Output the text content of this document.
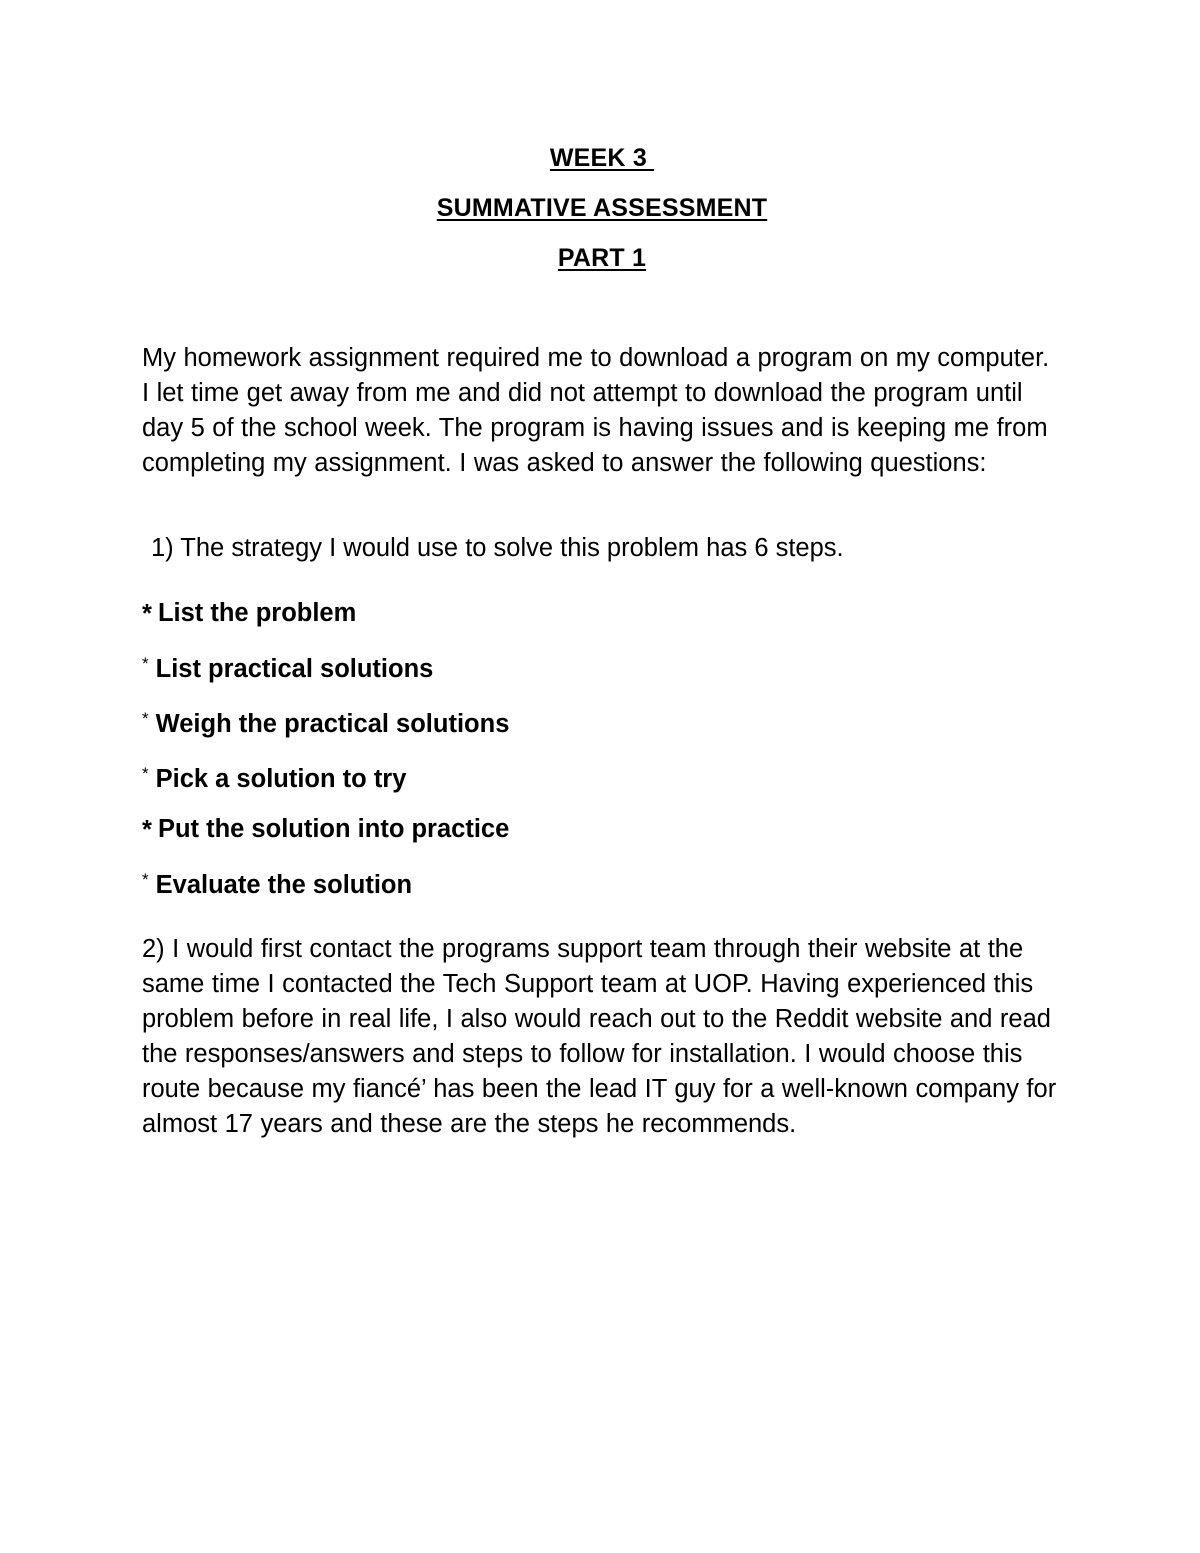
WEEK 3
SUMMATIVE ASSESSMENT
PART 1

My homework assignment required me to download a program on my computer. I let time get away from me and did not attempt to download the program until day 5 of the school week. The program is having issues and is keeping me from completing my assignment. I was asked to answer the following questions:

1) The strategy I would use to solve this problem has 6 steps.

* List the problem
* List practical solutions
* Weigh the practical solutions
* Pick a solution to try
* Put the solution into practice
* Evaluate the solution

2) I would first contact the programs support team through their website at the same time I contacted the Tech Support team at UOP. Having experienced this problem before in real life, I also would reach out to the Reddit website and read the responses/answers and steps to follow for installation. I would choose this route because my fiancé’ has been the lead IT guy for a well-known company for almost 17 years and these are the steps he recommends.
